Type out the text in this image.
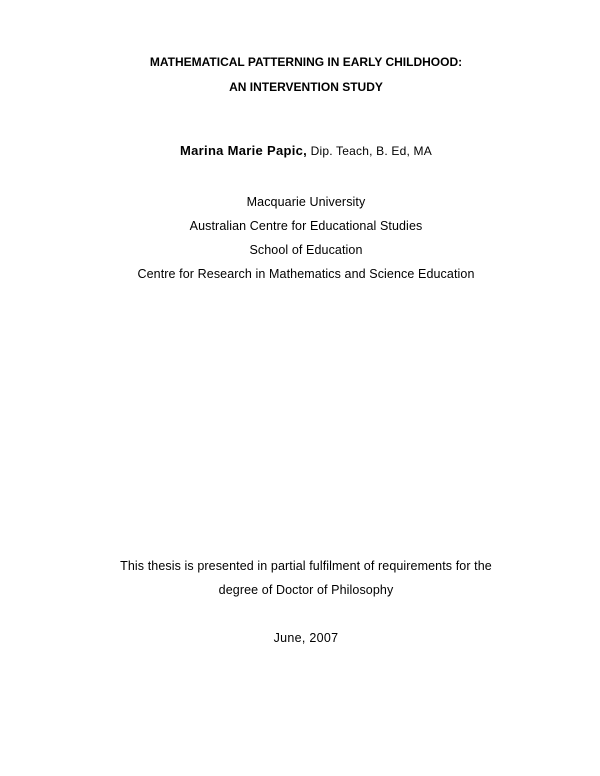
MATHEMATICAL PATTERNING IN EARLY CHILDHOOD:
AN INTERVENTION STUDY
Marina Marie Papic, Dip. Teach, B. Ed, MA
Macquarie University
Australian Centre for Educational Studies
School of Education
Centre for Research in Mathematics and Science Education
This thesis is presented in partial fulfilment of requirements for the
degree of Doctor of Philosophy
June, 2007
